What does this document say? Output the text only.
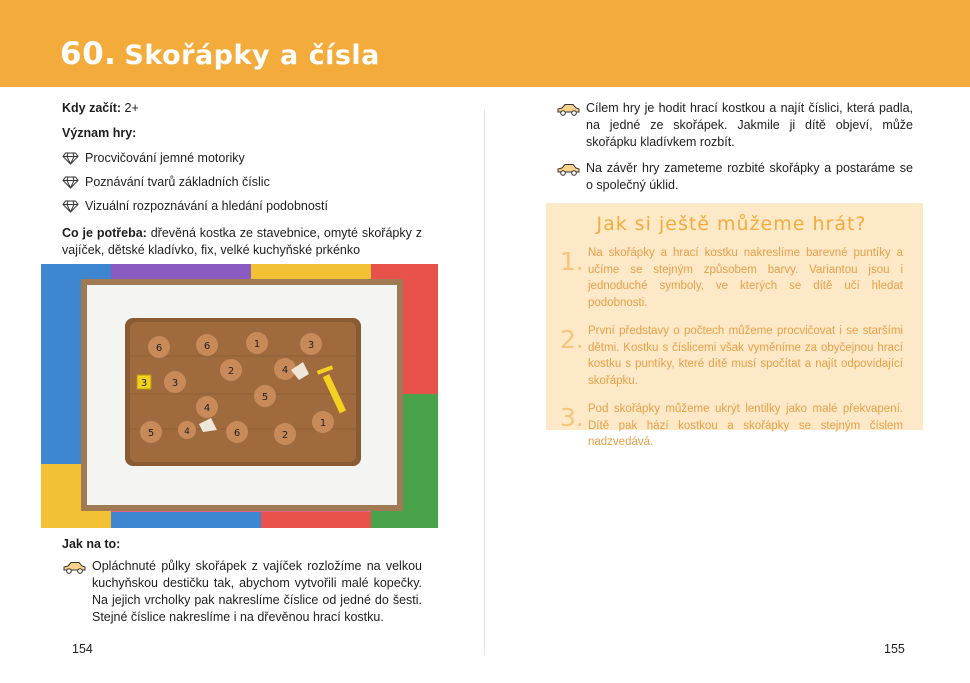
60. Skořápky a čísla
Kdy začít: 2+
Význam hry:
Procvičování jemné motoriky
Poznávání tvarů základních číslic
Vizuální rozpoznávání a hledání podobností
Co je potřeba: dřevěná kostka ze stavebnice, omyté skořápky z vajíček, dětské kladívko, fix, velké kuchyňské prkénko
6	6	1	3
2	4
3
5
4
5	6	2
1
4
3
Jak na to:
Opláchnuté půlky skořápek z vajíček rozložíme na velkou kuchyňskou destičku tak, abychom vytvořili malé kopečky. Na jejich vrcholky pak nakreslíme číslice od jedné do šesti. Stejné číslice nakreslíme i na dřevěnou hrací kostku.
154
Cílem hry je hodit hrací kostkou a najít číslici, která padla, na jedné ze skořápek. Jakmile ji dítě objeví, může skořápku kladívkem rozbít.
Na závěr hry zameteme rozbité skořápky a postaráme se o společný úklid.
Jak si ještě můžeme hrát?
1. Na skořápky a hrací kostku nakreslíme barevné puntíky a učíme se stejným způsobem barvy. Variantou jsou i jednoduché symboly, ve kterých se dítě učí hledat podobnosti.
2. První představy o počtech můžeme procvičovat i se staršími dětmi. Kostku s číslicemi však vyměníme za obyčejnou hrací kostku s puntíky, které dítě musí spočítat a najít odpovídající skořápku.
3. Pod skořápky můžeme ukrýt lentilky jako malé překvapení. Dítě pak hází kostkou a skořápky se stejným číslem nadzvedává.
155
